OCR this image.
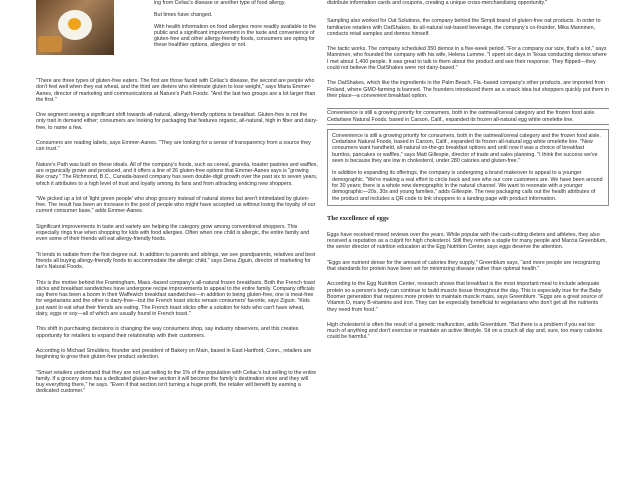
ing from Celiac's disease or another type of food allergy.

But times have changed.

With health information on food allergies more readily available to the public and a significant improvement in the taste and convenience of gluten-free and other allergy-friendly foods, consumers are opting for these healthier options, allergies or not.

"There are three types of gluten-free eaters. The first are those faced with Celiac's disease, the second are people who don't feel well when they eat wheat, and the third are dieters who eliminate gluten to lose weight," says Maria Emmer-Aanes, director of marketing and communications at Nature's Path Foods. "And the last two groups are a lot larger than the first."

One segment seeing a significant shift towards all-natural, allergy-friendly options is breakfast. Gluten-free is not the only trait in demand either; consumers are looking for packaging that features organic, all-natural, high in fiber and dairy-free, to name a few.

Consumers are reading labels, says Emmer-Aanes. "They are looking for a sense of transparency from a source they can trust."

Nature's Path was built on these ideals. All of the company's foods, such as cereal, granola, toaster pastries and waffles, are organically grown and produced, and it offers a line of 26 gluten-free options that Emmer-Aanes says is "growing like crazy." The Richmond, B.C., Canada-based company has seen double-digit growth over the past six to seven years, which it attributes to a high level of trust and loyalty among its fans and from attracting enticing new shoppers.

"We picked up a lot of 'light green people' who shop grocery instead of natural stores but aren't intimidated by gluten-free. The result has been an increase in the pool of people who might have accepted us without losing the loyalty of our current consumer base," adds Emmer-Aanes.

Significant improvements in taste and variety are helping the category grow among conventional shoppers. This especially rings true when shopping for kids with food allergies. Often when one child is allergic, the entire family and even some of their friends will eat allergy-friendly foods.

"It tends to radiate from the first degree out. In addition to parents and siblings, we see grandparents, relatives and best friends all buying allergy-friendly foods to accommodate the allergic child," says Dena Ziguin, director of marketing for Ian's Natural Foods.

This is the motive behind the Framingham, Mass.-based company's all-natural frozen breakfasts. Both the French toast sticks and breakfast sandwiches have undergone recipe improvements to appeal to the entire family. Company officials say there has been a boom in their Waffewich breakfast sandwiches—in addition to being gluten-free, one is meat-free for vegetarians and the other is dairy-free—but the French toast sticks remain consumers' favorite, says Ziguin. "Kids just want to eat what their friends are eating. The French toast sticks offer a solution for kids who can't have wheat, dairy, eggs or soy—all of which are usually found in French toast."

This shift in purchasing decisions is changing the way consumers shop, say industry observers, and this creates opportunity for retailers to expand their relationship with their customers.

According to Michael Smulders, founder and president of Bakery on Main, based in East Hartford, Conn., retailers are beginning to grow their gluten-free product selection.

"Smart retailers understand that they are not just selling to the 1% of the population with Celiac's but selling to the entire family. If a grocery store has a dedicated gluten-free section it will become the family's destination store and they will buy everything there," he says. "Even if that section isn't turning a huge profit, the retailer will benefit by earning a dedicated customer."

distribute information cards and coupons, creating a unique cross-merchandising opportunity."

Sampling also worked for Oat Solutions, the company behind the Simpli brand of gluten-free oat products. In order to familiarize retailers with OatShakes, its all-natural oat-based beverage, the company's co-founder, Mika Manninen, conducts retail samples and demos himself.

The tactic works. The company scheduled 350 demos in a five-week period. "For a company our size, that's a lot," says Manninen, who founded the company with his wife, Helena Lumme. "I spent six days in Texas conducting demos where I met about 1,400 people. It was great to talk to them about the product and see their response. They flipped—they could not believe the OatShakes were not dairy-based."

The OatShakes, which like the ingredients in the Palm Beach, Fla.-based company's other products, are imported from Finland, where GMO-farming is banned. The founders introduced them as a snack idea but shoppers quickly put them in their place—a convenient breakfast option.

Convenience is still a growing priority for consumers, both in the oatmeal/cereal category and the frozen food aisle. Cedarlane Natural Foods, based in Carson, Calif., expanded its frozen all-natural egg white omelette line.

Convenience is still a growing priority for consumers, both in the oatmeal/cereal category and the frozen food aisle. Cedarlane Natural Foods, based in Carson, Calif., expanded its frozen all-natural egg white omelette line. "New consumers want handheld, all-natural on-the-go breakfast options and until now it was a choice of breakfast burritos, pancakes or waffles," says Matt Gillespie, director of trade and sales planning. "I think the success we've seen is because they are low in cholesterol, under 280 calories and gluten-free."

In addition to expanding its offerings, the company is undergoing a brand makeover to appeal to a younger demographic. "We're making a real effort to circle back and see who our core customers are. We have been around for 30 years; there is a whole new demographic in the natural channel. We want to resonate with a younger demographic—20s, 30s and young families," adds Gillespie. The new packaging calls out the health attributes of the product and includes a QR code to link shoppers to a landing page with product information.

The excellence of eggs

Eggs have received mixed reviews over the years. While popular with the carb-cutting dieters and athletes, they also received a reputation as a culprit for high cholesterol. Still they remain a staple for many people and Marcia Greenblum, the senior director of nutrition education at the Egg Nutrition Center, says eggs deserve the attention.

"Eggs are nutrient dense for the amount of calories they supply," Greenblum says, "and more people are recognizing that standards for protein have been set for minimizing disease rather than optimal health."

According to the Egg Nutrition Center, research shows that breakfast is the most important meal to include adequate protein so a person's body can continue to build muscle tissue throughout the day. This is especially true for the Baby Boomer generation that requires more protein to maintain muscle mass, says Greenblum. "Eggs are a great source of Vitamin D, many B-vitamins and iron. They can be especially beneficial to vegetarians who don't get all the nutrients they need from food."

High cholesterol is often the result of a genetic malfunction, adds Greenblum. "But there is a problem if you eat too much of anything and don't exercise or maintain an active lifestyle. Sit on a couch all day and, sure, too many calories could be harmful."
